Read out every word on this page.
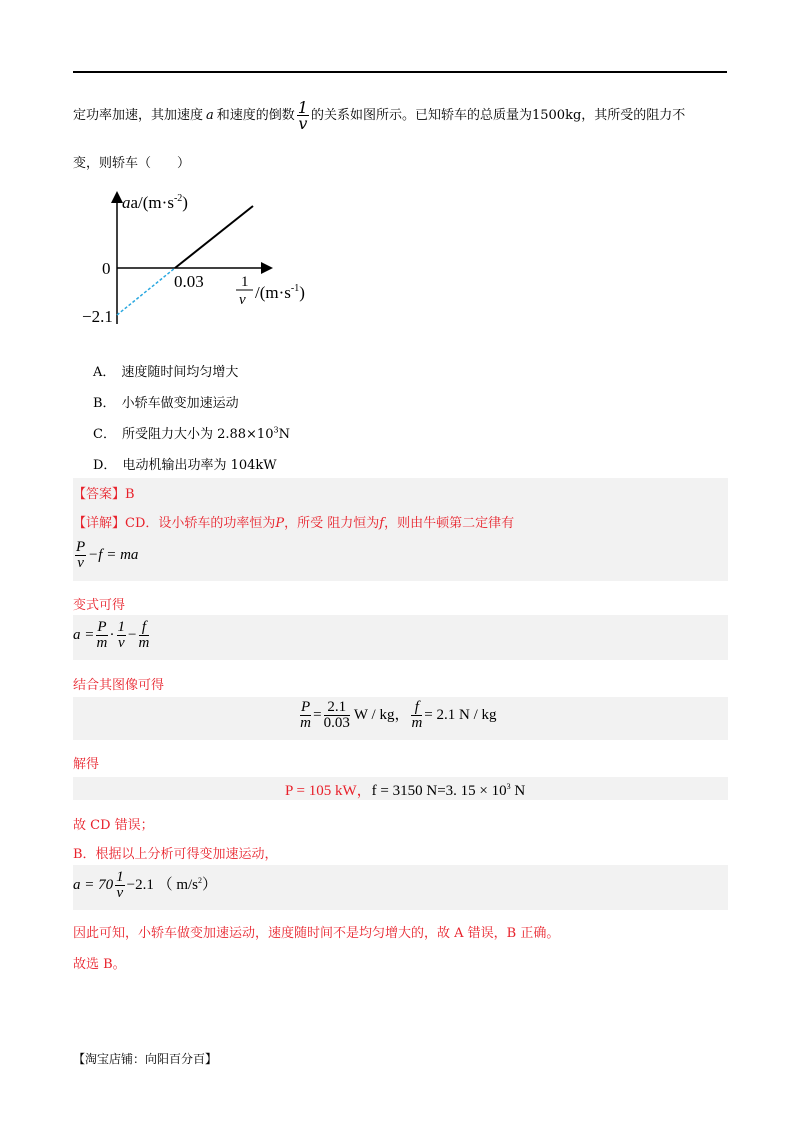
定功率加速，其加速度 a 和速度的倒数 $\frac{1}{v}$ 的关系如图所示。已知轿车的总质量为1500kg，其所受的阻力不
变，则轿车（　　）
$aa/(m\cdot s^{-2})$
0
0.03
−2.1
1
v $/(m\cdot s^{-1})$
A． 速度随时间均匀增大
B． 小轿车做变加速运动
C． 所受阻力大小为 $2.88\times 10^3N$
D． 电动机输出功率为 104kW
【答案】B
【详解】CD．设小轿车的功率恒为P，所受 阻力恒为f，则由牛顿第二定律有
$\frac{P}{v} -f$ = ma
变式可得
$a = \frac{P}{m} \cdot \frac{1}{v} - \frac{f}{m}$
结合其图像可得
$\frac{P}{m} = \frac{2.1}{0.03}$ W / kg， $\frac{f}{m} = 2.1$ N / kg
解得
P = 105 kW，f = 3150 N=3. $15 \times 10^3$ N
故 CD 错误；
B．根据以上分析可得变加速运动，
$a = 70 \frac{1}{v} -2.1$ （ $m/s^2$）
因此可知，小轿车做变加速运动，速度随时间不是均匀增大的，故 A 错误，B 正确。
故选 B。
【淘宝店铺：向阳百分百】
